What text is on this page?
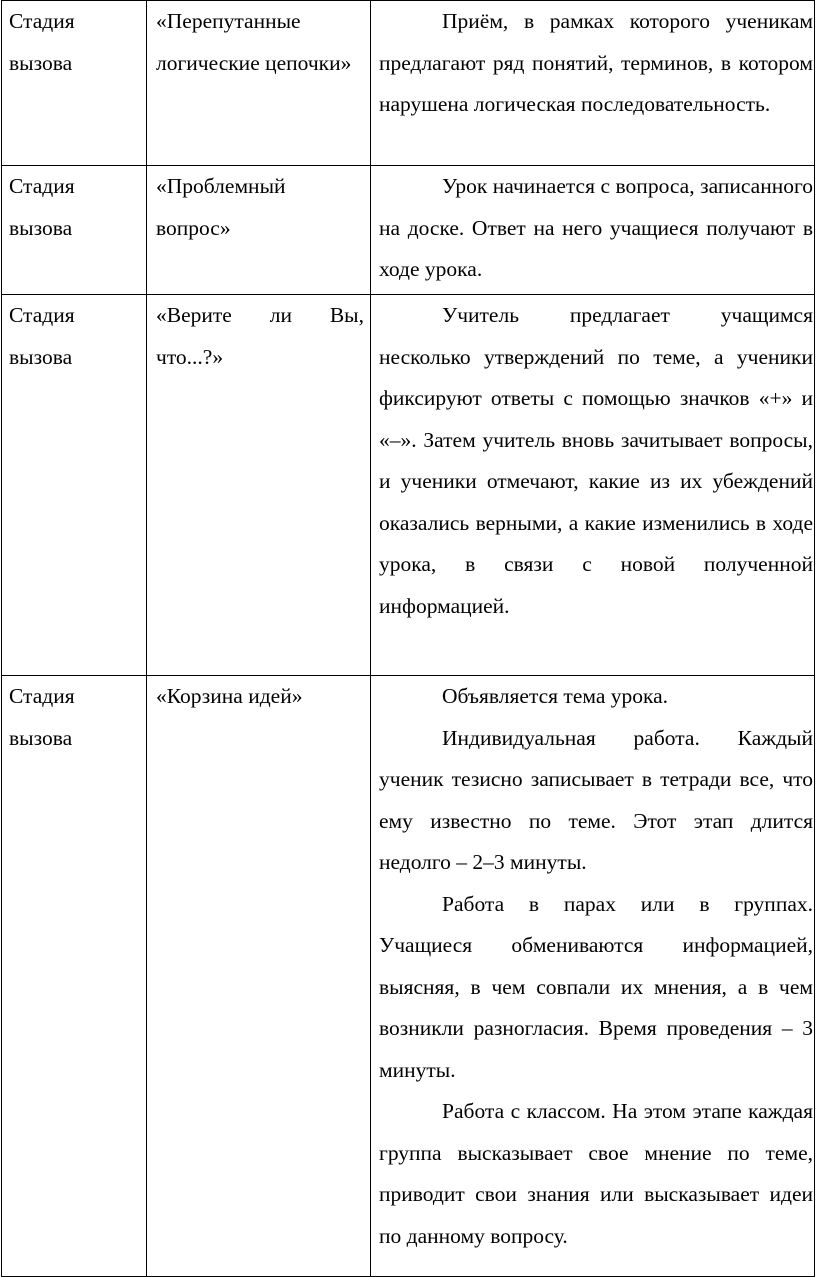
Стадия вызова	«Перепутанные логические цепочки»	Приём, в рамках которого ученикам предлагают ряд понятий, терминов, в котором нарушена логическая последовательность.

Стадия вызова	«Проблемный вопрос»	Урок начинается с вопроса, записанного на доске. Ответ на него учащиеся получают в ходе урока.

Стадия вызова	«Верите ли Вы, что...?»	Учитель предлагает учащимся несколько утверждений по теме, а ученики фиксируют ответы с помощью значков «+» и «–». Затем учитель вновь зачитывает вопросы, и ученики отмечают, какие из их убеждений оказались верными, а какие изменились в ходе урока, в связи с новой полученной информацией.

Стадия вызова	«Корзина идей»	Объявляется тема урока.

Индивидуальная работа. Каждый ученик тезисно записывает в тетради все, что ему известно по теме. Этот этап длится недолго – 2–3 минуты.

Работа в парах или в группах. Учащиеся обмениваются информацией, выясняя, в чем совпали их мнения, а в чем возникли разногласия. Время проведения – 3 минуты.

Работа с классом. На этом этапе каждая группа высказывает свое мнение по теме, приводит свои знания или высказывает идеи по данному вопросу.
